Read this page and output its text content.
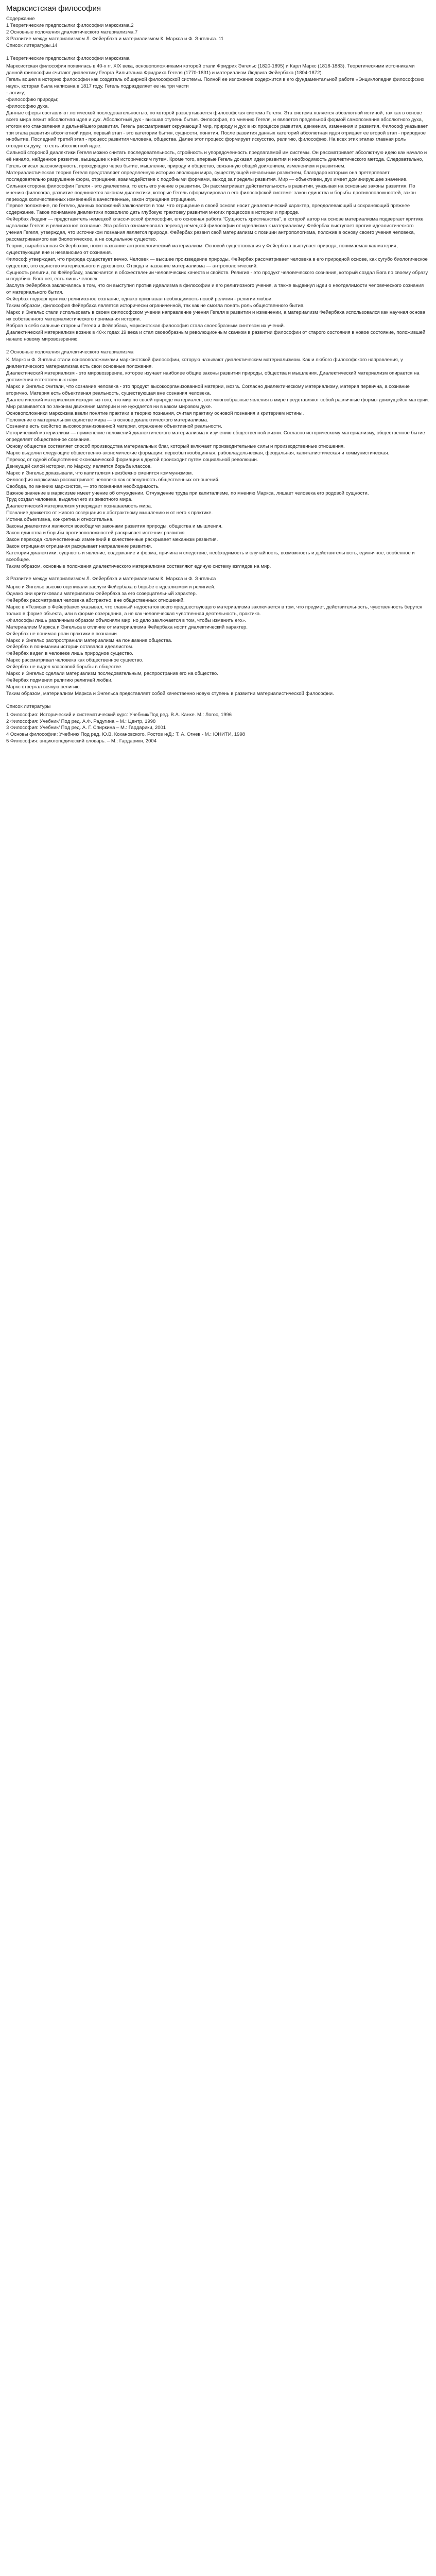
Марксистская философия

Содержание

1 Теоретические предпосылки философии марксизма.2

2 Основные положения диалектического материализма.7

3 Развитие между материализмом Л. Фейербаха и материализмом К. Маркса и Ф. Энгельса. 11

Список литературы.14

1 Теоретические предпосылки философии марксизма

Марксистская философия появилась в 40-х гг. XIX века, основоположниками которой стали Фридрих Энгельс (1820-1895) и Карл Маркс (1818-1883). Теоретическими источниками данной философии считают диалектику Георга Вильгельма Фридриха Гегеля (1770-1831) и материализм Людвига Фейербаха (1804-1872).

Гегель вошел в историю философии как создатель общирной философской системы. Полной ее изложение содержится в его фундаментальной работе «Энциклопедия философских наук», которая была написана в 1817 году. Гегель подразделяет ее на три части

- логику;

-философию природы;

-философию духа.

Данные сферы составляют логической последовательностью, по которой развертывается философская система Гегеля. Эта система является абсолютной истиной, так как в основе всего мира лежит абсолютная идея и дух. Абсолютный дух - высшая ступень бытия. Философия, по мнению Гегеля, и является предельной формой самопознания абсолютного духа, итогом его становления и дальнейшего развития. Гегель рассматривает окружающий мир, природу и дух в их процессе развития, движения, изменения и развития. Философ указывает три этапа развития абсолютной идеи, первый этап - это категории бытия, сущности, понятия. После развития данных категорий абсолютная идея отрицает ее второй этап - природное инобытие. Последний третий этап - процесс развития человека, общества. Далее этот процесс формирует искусство, религию, философию. На всех этих этапах главная роль отводится духу, то есть абсолютной идее.

Сильной стороной диалектики Гегеля можно считать последовательность, стройность и упорядоченность предлагаемой им системы. Он рассматривает абсолютную идею как начало и её начало, найденное развитие, вышедшее к ней историческим путем. Кроме того, впервые Гегель доказал идеи развития и необходимость диалектического метода. Следовательно, Гегель описал закономерность, проходящую через бытие, мышление, природу и общество, связанную общей движением, изменением и развитием.

Материалистическая теория Гегеля представляет определенную историю эволюции мира, существующей начальным развитием, благодаря которым она претерпевает последовательно разрушение форм, отрицание, взаимодействие с подобными формами, выход за пределы развития. Мир — объективен, дух имеет доминирующее значение.

Сильная сторона философии Гегеля - это диалектика, то есть его учение о развитии. Он рассматривает действительность в развитии, указывая на основные законы развития. По мнению философа, развитие подчиняется законам диалектики, которые Гегель сформулировал в его философской системе: закон единства и борьбы противоположностей, закон перехода количественных изменений в качественные, закон отрицания отрицания.

Первое положение, по Гегелю, данных положений заключается в том, что отрицание в своей основе носит диалектический характер, преодолевающий и сохраняющий прежнее содержание. Такое понимание диалектики позволило дать глубокую трактовку развития многих процессов в истории и природе.

Фейербах Людвиг — представитель немецкой классической философии, его основная работа "Сущность христианства", в которой автор на основе материализма подвергает критике идеализм Гегеля и религиозное сознание. Эта работа ознаменовала переход немецкой философии от идеализма к материализму. Фейербах выступает против идеалистического учения Гегеля, утверждая, что источником познания является природа. Фейербах развил свой материализм с позиции антропологизма, положив в основу своего учения человека, рассматриваемого как биологическое, а не социальное существо.

Теория, выработанная Фейербахом, носит название антропологический материализм. Основой существования у Фейербаха выступает природа, понимаемая как материя, существующая вне и независимо от сознания.

Философ утверждает, что природа существует вечно. Человек — высшее произведение природы. Фейербах рассматривает человека в его природной основе, как сугубо биологическое существо, это единство материального и духовного. Отсюда и название материализма — антропологический.

Сущность религии, по Фейербаху, заключается в обожествлении человеческих качеств и свойств. Религия - это продукт человеческого сознания, который создал Бога по своему образу и подобию. Бога нет, есть лишь человек.

Заслуга Фейербаха заключалась в том, что он выступил против идеализма в философии и его религиозного учения, а также выдвинул идеи о неотделимости человеческого сознания от материального бытия.

Фейербах подверг критике религиозное сознание, однако признавал необходимость новой религии - религии любви.

Таким образом, философия Фейербаха является исторически ограниченной, так как не смогла понять роль общественного бытия.

Маркс и Энгельс стали использовать в своем философском учении направление учения Гегеля в развитии и изменении, а материализм Фейербаха использовался как научная основа их собственного материалистического понимания истории.

Вобрав в себя сильные стороны Гегеля и Фейербаха, марксистская философия стала своеобразным синтезом их учений.

Диалектический материализм возник в 40-х годах 19 века и стал своеобразным революционным скачком в развитии философии от старого состояния в новое состояние, положившей начало новому мировоззрению.

2 Основные положения диалектического материализма

К. Маркс и Ф. Энгельс стали основоположниками марксистской философии, которую называют диалектическим материализмом. Как и любого философского направления, у диалектического материализма есть свои основные положения.

Диалектический материализм - это мировоззрение, которое изучает наиболее общие законы развития природы, общества и мышления. Диалектический материализм опирается на достижения естественных наук.

Маркс и Энгельс считали, что сознание человека - это продукт высокоорганизованной материи, мозга. Согласно диалектическому материализму, материя первична, а сознание вторично. Материя есть объективная реальность, существующая вне сознания человека.

Диалектический материализм исходит из того, что мир по своей природе материален, все многообразные явления в мире представляют собой различные формы движущейся материи. Мир развивается по законам движения материи и не нуждается ни в каком мировом духе.

Основоположники марксизма ввели понятие практики в теорию познания, считая практику основой познания и критерием истины.

Положение о материальном единстве мира — в основе диалектического материализма.

Сознание есть свойство высокоорганизованной материи, отражение объективной реальности.

Исторический материализм — применение положений диалектического материализма к изучению общественной жизни. Согласно историческому материализму, общественное бытие определяет общественное сознание.

Основу общества составляет способ производства материальных благ, который включает производительные силы и производственные отношения.

Маркс выделил следующие общественно-экономические формации: первобытнообщинная, рабовладельческая, феодальная, капиталистическая и коммунистическая.

Переход от одной общественно-экономической формации к другой происходит путем социальной революции.

Движущей силой истории, по Марксу, является борьба классов.

Маркс и Энгельс доказывали, что капитализм неизбежно сменится коммунизмом.

Философия марксизма рассматривает человека как совокупность общественных отношений.

Свобода, по мнению марксистов, — это познанная необходимость.

Важное значение в марксизме имеет учение об отчуждении. Отчуждение труда при капитализме, по мнению Маркса, лишает человека его родовой сущности.

Труд создал человека, выделил его из животного мира.

Диалектический материализм утверждает познаваемость мира.

Познание движется от живого созерцания к абстрактному мышлению и от него к практике.

Истина объективна, конкретна и относительна.

Законы диалектики являются всеобщими законами развития природы, общества и мышления.

Закон единства и борьбы противоположностей раскрывает источник развития.

Закон перехода количественных изменений в качественные раскрывает механизм развития.

Закон отрицания отрицания раскрывает направление развития.

Категории диалектики: сущность и явление, содержание и форма, причина и следствие, необходимость и случайность, возможность и действительность, единичное, особенное и всеобщее.

Таким образом, основные положения диалектического материализма составляют единую систему взглядов на мир.

3 Развитие между материализмом Л. Фейербаха и материализмом К. Маркса и Ф. Энгельса

Маркс и Энгельс высоко оценивали заслуги Фейербаха в борьбе с идеализмом и религией.

Однако они критиковали материализм Фейербаха за его созерцательный характер.

Фейербах рассматривал человека абстрактно, вне общественных отношений.

Маркс в «Тезисах о Фейербахе» указывал, что главный недостаток всего предшествующего материализма заключается в том, что предмет, действительность, чувственность берутся только в форме объекта, или в форме созерцания, а не как человеческая чувственная деятельность, практика.

«Философы лишь различным образом объясняли мир, но дело заключается в том, чтобы изменить его».

Материализм Маркса и Энгельса в отличие от материализма Фейербаха носит диалектический характер.

Фейербах не понимал роли практики в познании.

Маркс и Энгельс распространили материализм на понимание общества.

Фейербах в понимании истории оставался идеалистом.

Фейербах видел в человеке лишь природное существо.

Маркс рассматривал человека как общественное существо.

Фейербах не видел классовой борьбы в обществе.

Маркс и Энгельс сделали материализм последовательным, распространив его на общество.

Фейербах подменил религию религией любви.

Маркс отвергал всякую религию.

Таким образом, материализм Маркса и Энгельса представляет собой качественно новую ступень в развитии материалистической философии.

Список литературы

1 Философия: Исторический и систематический курс: Учебник/Под ред. В.А. Канке. М.: Логос, 1996

2 Философия: Учебник/ Под ред. А.Ф. Радугина – М.: Центр, 1998

3 Философия: Учебник/ Под ред. А. Г. Спиркина – М.: Гардарики, 2001

4 Основы философии: Учебник/ Под ред. Ю.В. Кохановского. Ростов н/Д.: Т. А. Огнев - М.: ЮНИТИ, 1998

5 Философия: энциклопедический словарь. – М.: Гардарики, 2004
